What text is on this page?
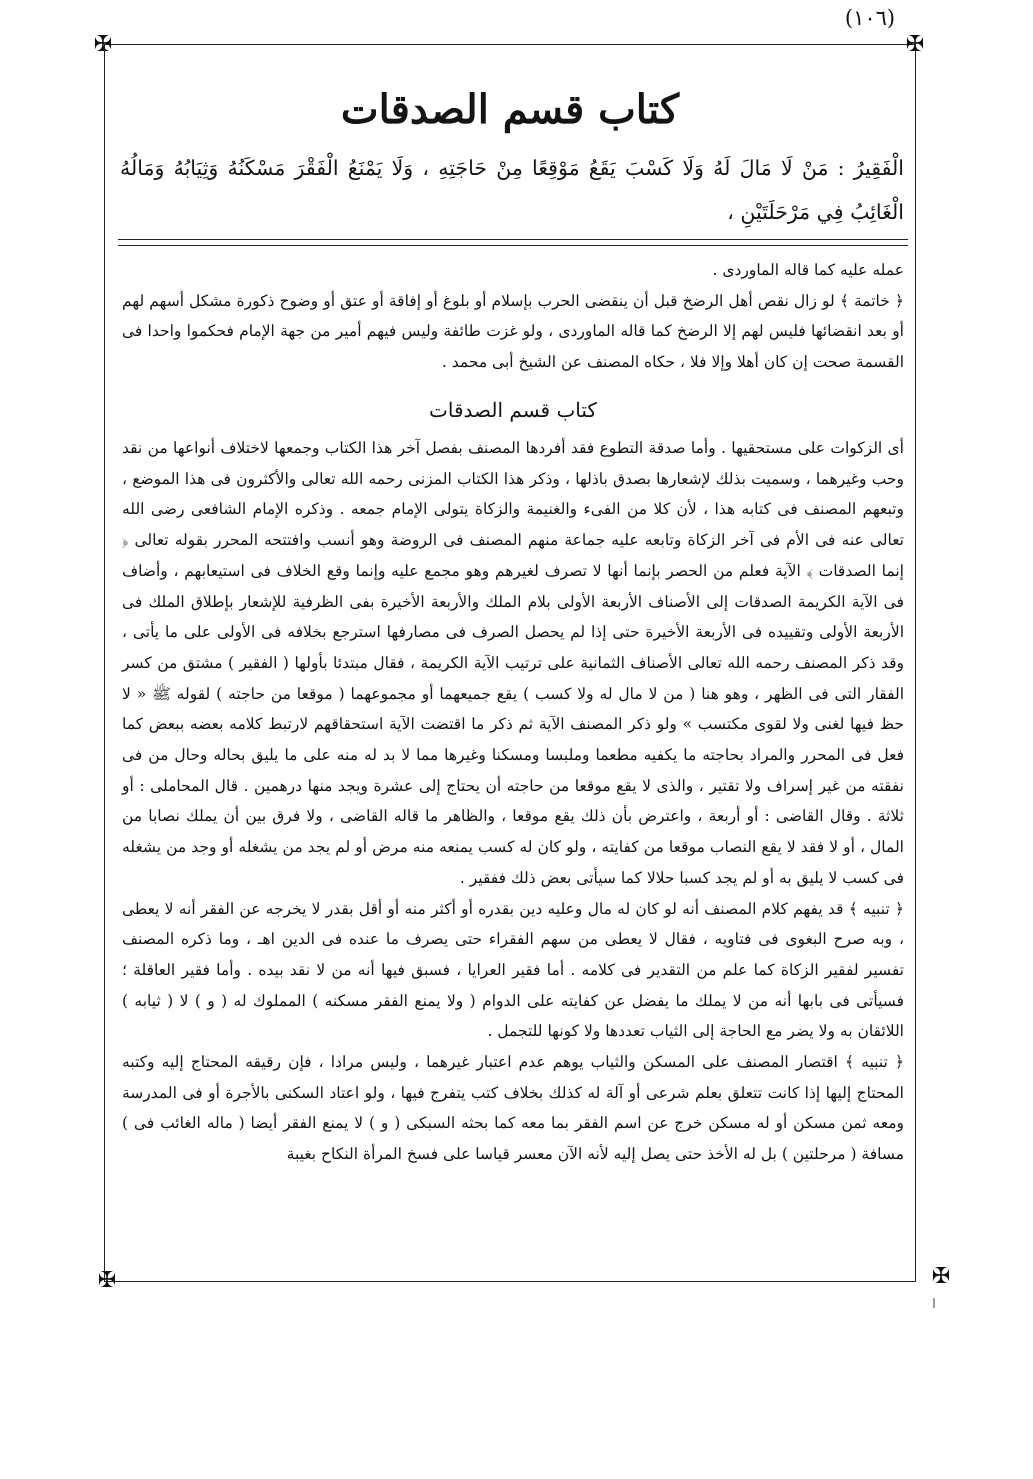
(١٠٦)
✠	✠
✠	✠
كتاب قسم الصدقات
الْفَقِيرُ : مَنْ لَا مَالَ لَهُ وَلَا كَسْبَ يَقَعُ مَوْقِعًا مِنْ حَاجَتِهِ ، وَلَا يَمْنَعُ الْفَقْرَ مَسْكَنُهُ وَثِيَابُهُ وَمَالُهُ الْغَائِبُ فِي مَرْحَلَتَيْنِ ،

عمله عليه كما قاله الماوردى .

﴿ خاتمة ﴾ لو زال نقص أهل الرضخ قبل أن ينقضى الحرب بإسلام أو بلوغ أو إفاقة أو عتق أو وضوح ذكورة مشكل أسهم لهم أو بعد انقضائها فليس لهم إلا الرضخ كما قاله الماوردى ، ولو غزت طائفة وليس فيهم أمير من جهة الإمام فحكموا واحدا فى القسمة صحت إن كان أهلا وإلا فلا ، حكاه المصنف عن الشيخ أبى محمد .

كتاب قسم الصدقات

أى الزكوات على مستحقيها . وأما صدقة التطوع فقد أفردها المصنف بفصل آخر هذا الكتاب وجمعها لاختلاف أنواعها من نقد وحب وغيرهما ، وسميت بذلك لإشعارها بصدق باذلها ، وذكر هذا الكتاب المزنى رحمه الله تعالى والأكثرون فى هذا الموضع ، وتبعهم المصنف فى كتابه هذا ، لأن كلا من الفىء والغنيمة والزكاة يتولى الإمام جمعه . وذكره الإمام الشافعى رضى الله تعالى عنه فى الأم فى آخر الزكاة وتابعه عليه جماعة منهم المصنف فى الروضة وهو أنسب وافتتحه المحرر بقوله تعالى ﴿ إنما الصدقات ﴾ الآية فعلم من الحصر بإنما أنها لا تصرف لغيرهم وهو مجمع عليه وإنما وقع الخلاف فى استيعابهم ، وأضاف فى الآية الكريمة الصدقات إلى الأصناف الأربعة الأولى بلام الملك والأربعة الأخيرة بفى الظرفية للإشعار بإطلاق الملك فى الأربعة الأولى وتقييده فى الأربعة الأخيرة حتى إذا لم يحصل الصرف فى مصارفها استرجع بخلافه فى الأولى على ما يأتى ، وقد ذكر المصنف رحمه الله تعالى الأصناف الثمانية على ترتيب الآية الكريمة ، فقال مبتدئا بأولها ( الفقير ) مشتق من كسر الفقار التى فى الظهر ، وهو هنا ( من لا مال له ولا كسب ) يقع جميعهما أو مجموعهما ( موقعا من حاجته ) لقوله ﷺ « لا حظ فيها لغنى ولا لقوى مكتسب » ولو ذكر المصنف الآية ثم ذكر ما اقتضت الآية استحقاقهم لارتبط كلامه بعضه ببعض كما فعل فى المحرر والمراد بحاجته ما يكفيه مطعما وملبسا ومسكنا وغيرها مما لا بد له منه على ما يليق بحاله وحال من فى نفقته من غير إسراف ولا تقتير ، والذى لا يقع موقعا من حاجته أن يحتاج إلى عشرة ويجد منها درهمين . قال المحاملى : أو ثلاثة . وقال القاضى : أو أربعة ، واعترض بأن ذلك يقع موقعا ، والظاهر ما قاله القاضى ، ولا فرق بين أن يملك نصابا من المال ، أو لا فقد لا يقع النصاب موقعا من كفايته ، ولو كان له كسب يمنعه منه مرض أو لم يجد من يشغله أو وجد من يشغله فى كسب لا يليق به أو لم يجد كسبا حلالا كما سيأتى بعض ذلك ففقير .

﴿ تنبيه ﴾ قد يفهم كلام المصنف أنه لو كان له مال وعليه دين بقدره أو أكثر منه أو أقل بقدر لا يخرجه عن الفقر أنه لا يعطى ، وبه صرح البغوى فى فتاويه ، فقال لا يعطى من سهم الفقراء حتى يصرف ما عنده فى الدين اهـ ، وما ذكره المصنف تفسير لفقير الزكاة كما علم من التقدير فى كلامه . أما فقير العرايا ، فسبق فيها أنه من لا نقد بيده . وأما فقير العاقلة ؛ فسيأتى فى بابها أنه من لا يملك ما يفضل عن كفايته على الدوام ( ولا يمنع الفقر مسكنه ) المملوك له ( و ) لا ( ثيابه ) اللائقان به ولا يضر مع الحاجة إلى الثياب تعددها ولا كونها للتجمل .

﴿ تنبيه ﴾ اقتصار المصنف على المسكن والثياب يوهم عدم اعتبار غيرهما ، وليس مرادا ، فإن رقيقه المحتاج إليه وكتبه المحتاج إليها إذا كانت تتعلق بعلم شرعى أو آلة له كذلك بخلاف كتب يتفرج فيها ، ولو اعتاد السكنى بالأجرة أو فى المدرسة ومعه ثمن مسكن أو له مسكن خرج عن اسم الفقر بما معه كما بحثه السبكى ( و ) لا يمنع الفقر أيضا ( ماله الغائب فى ) مسافة ( مرحلتين ) بل له الأخذ حتى يصل إليه لأنه الآن معسر قياسا على فسخ المرأة النكاح بغيبة
